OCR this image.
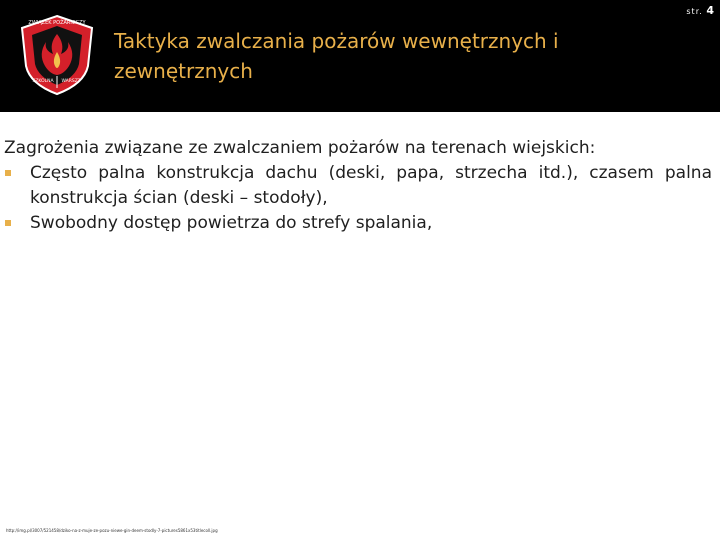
ZWIĄZEK POŻARNICZY
SZKOLNA WARSZT
Taktyka zwalczania pożarów wewnętrznych i zewnętrznych
str. 4
Zagrożenia związane ze zwalczaniem pożarów na terenach wiejskich:
Często palna konstrukcja dachu (deski, papa, strzecha itd.), czasem palna konstrukcja ścian (deski – stodoły),
Swobodny dostęp powietrza do strefy spalania,
http://img.pl/3007/521458/dziko-na-z-muje-ze-pozu-niewe-gin-deem-stodly-7-pictures5861x53titlecoll.jpg
